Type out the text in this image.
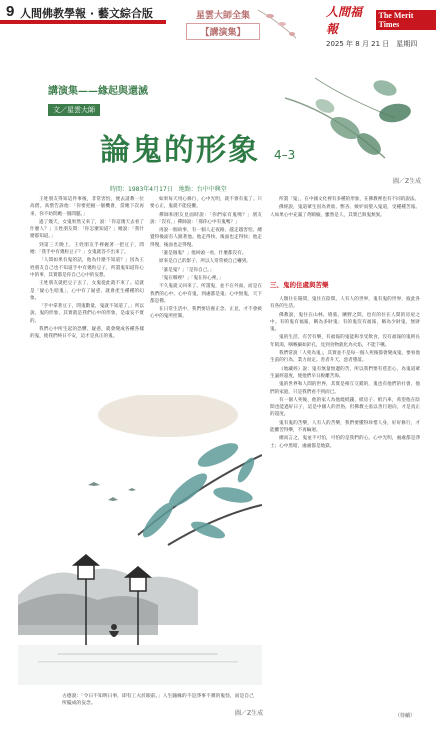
9 人間佛教學報 · 藝文綜合版	星雲大師全集
【講演集】
人間福報
The Merit Times
2025 年 8 月 21 日　星期四
講演集——緣起與還滅
文／星雲大師
論鬼的形象 4–3
圖／Z生成
時間：1983年4月17日　地點：台中中興堂

王姓朋友得知這件事後，非常害怕，便去請教一位高僧。高僧告訴他：「你要把握一個機會，當她下次再來，你不妨問她一個問題。」

過了幾天，女鬼果然又來了，說：「你這幾天去看了什麼人？」王姓朋友問：「你怎麼知道？」她說：「我什麼都知道。」

到第三天晚上，王姓朋友手裡握著一把豆子，問她：「我手中有幾粒豆子？」女鬼就答不出來了。

「人間如果有鬼的話，他為什麼不知道？」因為王姓朋友自己也不知道手中有幾粒豆子，所謂鬼知道你心中的事，其實都是你自己心中的妄想。

王姓朋友就把豆子丟了，女鬼從此就不來了。這就是「疑心生暗鬼」，心中有了疑惑，就會產生種種的幻象。

「手中拿著豆子，問鬼數量，鬼就不知道了。」所以說，鬼的形象，其實就是我們心中的形象，是虛妄不實的。

我們心中所生起的恐懼、疑惑，就會變成各種各樣的鬼，使我們終日不安，這才是真正的鬼。

如果每天用心修行，心中光明，就不會有鬼了。只要心正，鬼就不能侵擾。

禪師和朋友見面時說：「你們家有鬼嗎？」朋友說：「沒有。」禪師說：「那你心中有鬼嗎？」

再說一個故事，有一個人走夜路，越走越害怕，總覺得後面有人跟著他。他走得快，後面也走得快；他走得慢，後面也走得慢。

「誰是個鬼？」他回頭一看，什麼都沒有。

原來是自己的影子，所以人常常被自己嚇到。

「誰是鬼？」「是你自己。」

「鬼在哪裡？」「鬼在你心裡。」

不久鬼就又回來了。所謂鬼，並不在外面，而是在我們的心中。心中有鬼，到處都是鬼；心中無鬼，天下都是佛。

在日常生活中，我們要培養正念、正見，才不會被心中的鬼所控制。

所謂「鬼」，在中國文化裡有多種的形象，在佛教裡也有不同的說法。

佛經說，鬼道眾生因為貪欲、慳吝、嫉妒而墮入鬼道，受種種苦報。人如果心中充滿了貪瞋癡，雖然是人，其實已與鬼無異。

三、鬼的住處與苦樂

人類住在陽間，鬼住在陰間。人有人的世界，鬼有鬼的世界，彼此各有各的生活。

佛教說，鬼住在山林、墳墓、曠野之間，也有的住在人間的房屋之中。有的鬼有福報，稱為多財鬼；有的鬼沒有福報，稱為少財鬼、無財鬼。

鬼的生活，有苦有樂，有福報的鬼能夠享受飲食，沒有福報的鬼則長年飢渴，咽喉細如針孔，見到食物就化為火焰，不能下嚥。

我們常說「人死為鬼」，其實並不是每一個人死後都會變成鬼，要看他生前的行為、業力而定。善者升天，惡者墮落。

《地藏經》說：鬼有無量無邊的苦，所以我們要有慈悲心，為鬼道眾生誦經超度，使他們早日脫離苦海。

鬼的世界和人間的世界，其實是相互交錯的，鬼也有他們的社會、他們的家庭，只是我們看不到而已。

有一個人死後，他的家人為他燒紙錢、紙房子、紙汽車，希望他在陰間也能過好日子，這是中國人的習俗，但佛教主張以善行迴向，才是真正的超度。

鬼有鬼的苦樂，人有人的苦樂，我們要懂得珍惜人身，好好修行，才能離苦得樂，不再輪迴。

總而言之，鬼並不可怕，可怕的是我們的心。心中光明，處處都是淨土；心中黑暗，處處都是地獄。

（待續）
古德說：「令日不知明日事，即有工夫於眼前。」人生隨緣的不是淨事不實的鬼怪，而是自己所擺成的妄念。
圖／Z生成
